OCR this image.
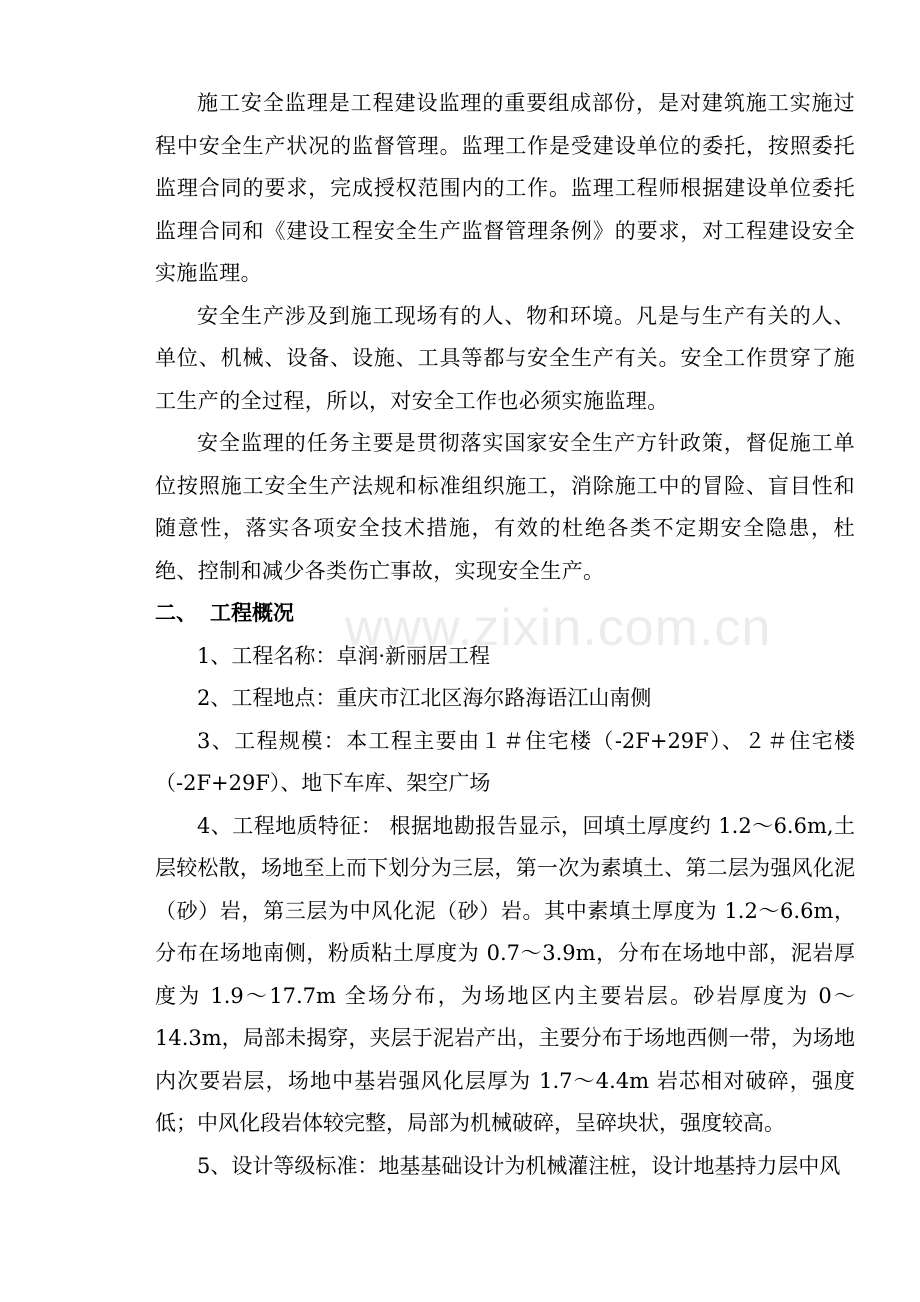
www.zixin.com.cn

施工安全监理是工程建设监理的重要组成部份，是对建筑施工实施过程中安全生产状况的监督管理。监理工作是受建设单位的委托，按照委托监理合同的要求，完成授权范围内的工作。监理工程师根据建设单位委托监理合同和《建设工程安全生产监督管理条例》的要求，对工程建设安全实施监理。

安全生产涉及到施工现场有的人、物和环境。凡是与生产有关的人、单位、机械、设备、设施、工具等都与安全生产有关。安全工作贯穿了施工生产的全过程，所以，对安全工作也必须实施监理。

安全监理的任务主要是贯彻落实国家安全生产方针政策，督促施工单位按照施工安全生产法规和标准组织施工，消除施工中的冒险、盲目性和随意性，落实各项安全技术措施，有效的杜绝各类不定期安全隐患，杜绝、控制和减少各类伤亡事故，实现安全生产。

二、 工程概况

1、工程名称：卓润·新丽居工程

2、工程地点：重庆市江北区海尔路海语江山南侧

3、工程规模：本工程主要由１＃住宅楼（-2F+29F）、２＃住宅楼（-2F+29F）、地下车库、架空广场

4、工程地质特征： 根据地勘报告显示，回填土厚度约 1.2～6.6m,土层较松散，场地至上而下划分为三层，第一次为素填土、第二层为强风化泥（砂）岩，第三层为中风化泥（砂）岩。其中素填土厚度为 1.2～6.6m，分布在场地南侧，粉质粘土厚度为 0.7～3.9m，分布在场地中部，泥岩厚度为 1.9～17.7m 全场分布，为场地区内主要岩层。砂岩厚度为 0～14.3m，局部未揭穿，夹层于泥岩产出，主要分布于场地西侧一带，为场地内次要岩层，场地中基岩强风化层厚为 1.7～4.4m 岩芯相对破碎，强度低；中风化段岩体较完整，局部为机械破碎，呈碎块状，强度较高。

5、设计等级标准：地基基础设计为机械灌注桩，设计地基持力层中风
